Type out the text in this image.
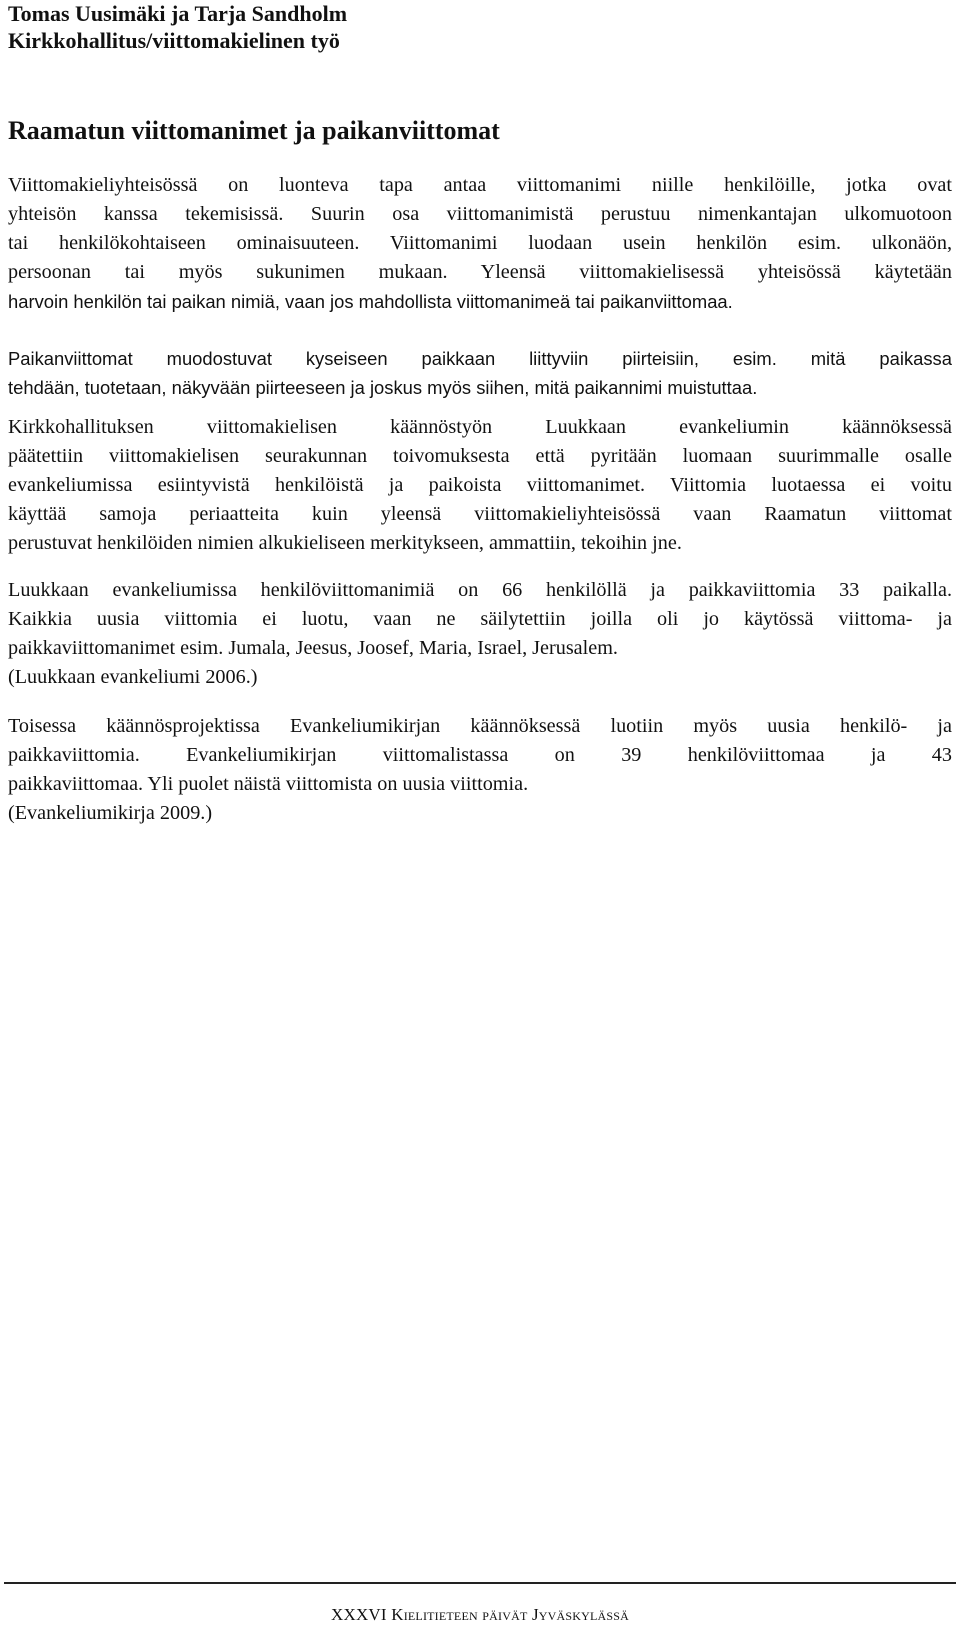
Tomas Uusimäki ja Tarja Sandholm
Kirkkohallitus/viittomakielinen työ
Raamatun viittomanimet ja paikanviittomat
Viittomakieliyhteisössä on luonteva tapa antaa viittomanimi niille henkilöille, jotka ovat
yhteisön kanssa tekemisissä. Suurin osa viittomanimistä perustuu nimenkantajan ulkomuotoon
tai henkilökohtaiseen ominaisuuteen. Viittomanimi luodaan usein henkilön esim. ulkonäön,
persoonan tai myös sukunimen mukaan. Yleensä viittomakielisessä yhteisössä käytetään
harvoin henkilön tai paikan nimiä, vaan jos mahdollista viittomanimeä tai paikanviittomaa.
Paikanviittomat muodostuvat kyseiseen paikkaan liittyviin piirteisiin, esim. mitä paikassa
tehdään, tuotetaan, näkyvään piirteeseen ja joskus myös siihen, mitä paikannimi muistuttaa.
Kirkkohallituksen viittomakielisen käännöstyön Luukkaan evankeliumin käännöksessä
päätettiin viittomakielisen seurakunnan toivomuksesta että pyritään luomaan suurimmalle osalle
evankeliumissa esiintyvistä henkilöistä ja paikoista viittomanimet. Viittomia luotaessa ei voitu
käyttää samoja periaatteita kuin yleensä viittomakieliyhteisössä vaan Raamatun viittomat
perustuvat henkilöiden nimien alkukieliseen merkitykseen, ammattiin, tekoihin jne.
Luukkaan evankeliumissa henkilöviittomanimiä on 66 henkilöllä ja paikkaviittomia 33 paikalla.
Kaikkia uusia viittomia ei luotu, vaan ne säilytettiin joilla oli jo käytössä viittoma- ja
paikkaviittomanimet esim. Jumala, Jeesus, Joosef, Maria, Israel, Jerusalem.
(Luukkaan evankeliumi 2006.)
Toisessa käännösprojektissa Evankeliumikirjan käännöksessä luotiin myös uusia henkilö- ja
paikkaviittomia. Evankeliumikirjan viittomalistassa on 39 henkilöviittomaa ja 43
paikkaviittomaa. Yli puolet näistä viittomista on uusia viittomia.
(Evankeliumikirja 2009.)
XXXVI Kielitieteen päivät Jyväskylässä
